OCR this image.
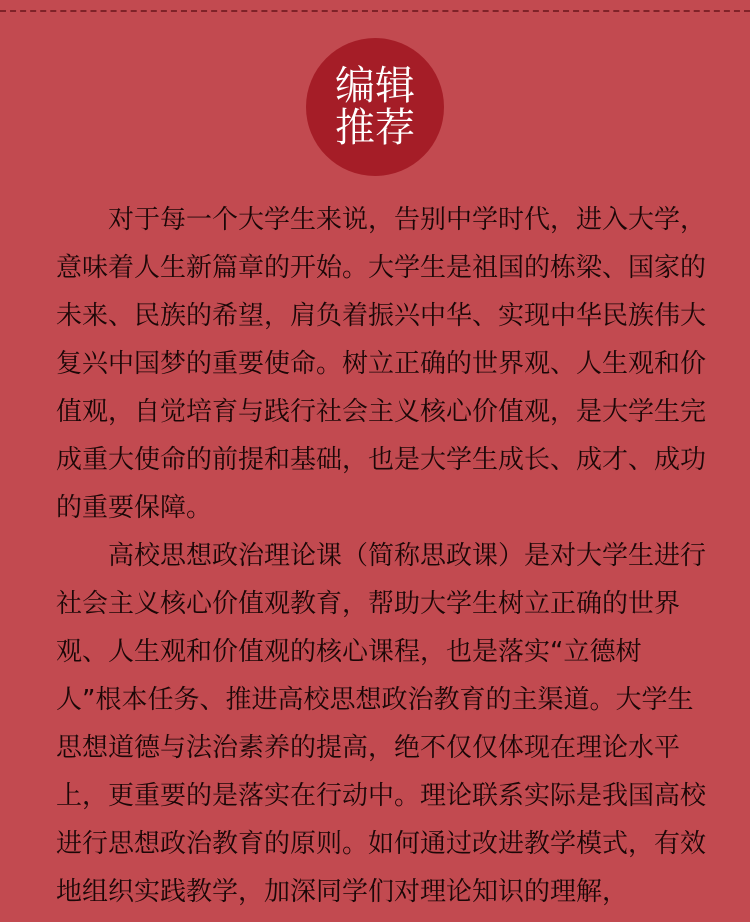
编辑
推荐

对于每一个大学生来说，告别中学时代，进入大学，意味着人生新篇章的开始。大学生是祖国的栋梁、国家的未来、民族的希望，肩负着振兴中华、实现中华民族伟大复兴中国梦的重要使命。树立正确的世界观、人生观和价值观，自觉培育与践行社会主义核心价值观，是大学生完成重大使命的前提和基础，也是大学生成长、成才、成功的重要保障。

高校思想政治理论课（简称思政课）是对大学生进行社会主义核心价值观教育，帮助大学生树立正确的世界观、人生观和价值观的核心课程，也是落实“立德树人”根本任务、推进高校思想政治教育的主渠道。大学生思想道德与法治素养的提高，绝不仅仅体现在理论水平上，更重要的是落实在行动中。理论联系实际是我国高校进行思想政治教育的原则。如何通过改进教学模式，有效地组织实践教学，加深同学们对理论知识的理解，
